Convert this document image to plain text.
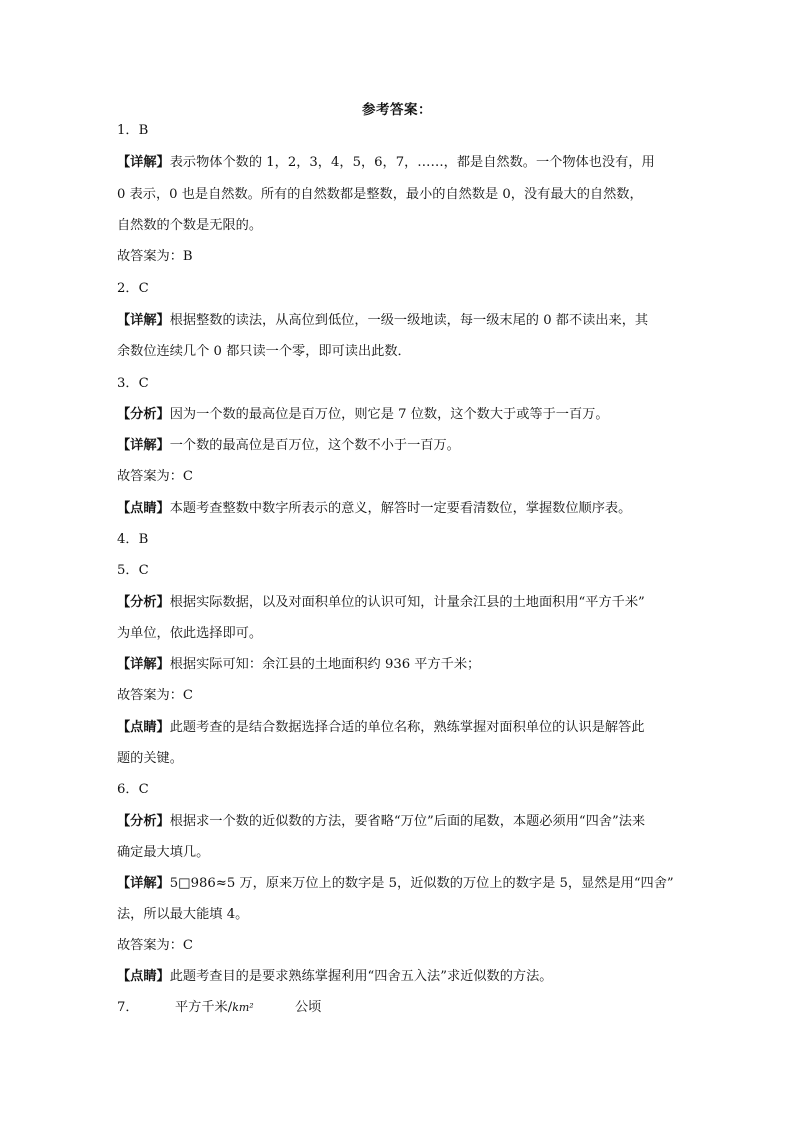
参考答案：
1．B
【详解】表示物体个数的 1，2，3，4，5，6，7，……，都是自然数。一个物体也没有，用
0 表示，0 也是自然数。所有的自然数都是整数，最小的自然数是 0，没有最大的自然数，
自然数的个数是无限的。
故答案为：B
2．C
【详解】根据整数的读法，从高位到低位，一级一级地读，每一级末尾的 0 都不读出来，其
余数位连续几个 0 都只读一个零，即可读出此数．
3．C
【分析】因为一个数的最高位是百万位，则它是 7 位数，这个数大于或等于一百万。
【详解】一个数的最高位是百万位，这个数不小于一百万。
故答案为：C
【点睛】本题考查整数中数字所表示的意义，解答时一定要看清数位，掌握数位顺序表。
4．B
5．C
【分析】根据实际数据，以及对面积单位的认识可知，计量余江县的土地面积用“平方千米”
为单位，依此选择即可。
【详解】根据实际可知：余江县的土地面积约 936 平方千米；
故答案为：C
【点睛】此题考查的是结合数据选择合适的单位名称，熟练掌握对面积单位的认识是解答此
题的关键。
6．C
【分析】根据求一个数的近似数的方法，要省略“万位”后面的尾数，本题必须用“四舍”法来
确定最大填几。
【详解】5□986≈5 万，原来万位上的数字是 5，近似数的万位上的数字是 5，显然是用“四舍”
法，所以最大能填 4。
故答案为：C
【点睛】此题考查目的是要求熟练掌握利用“四舍五入法”求近似数的方法。
7．	平方千米/km²	公顷
